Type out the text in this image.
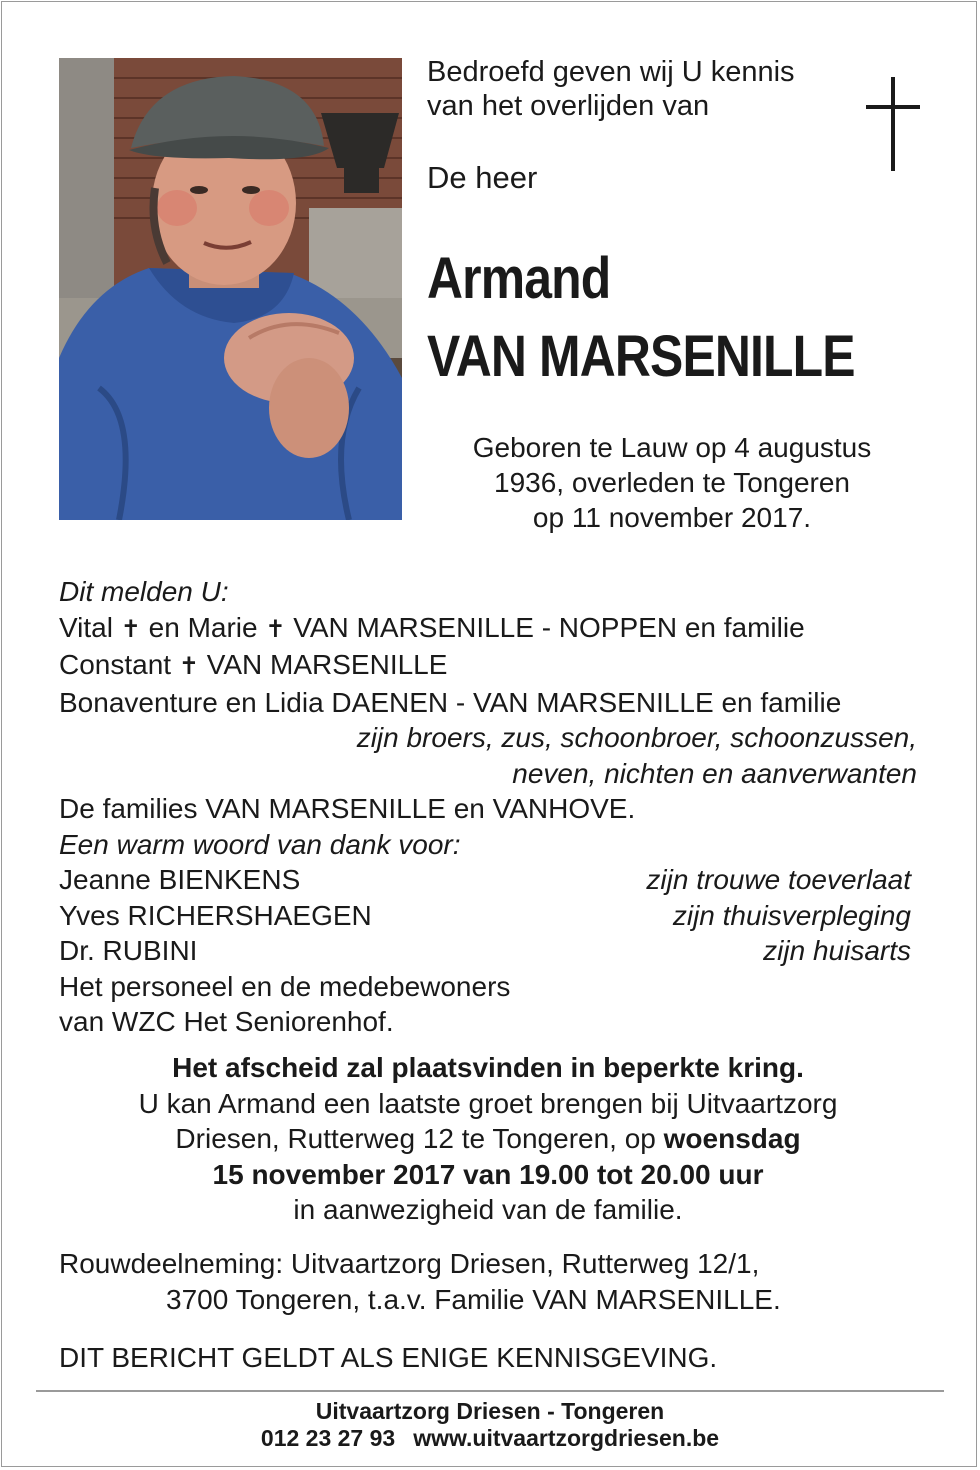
Bedroefd geven wij U kennis
van het overlijden van

De heer

Armand
VAN MARSENILLE

Geboren te Lauw op 4 augustus
1936, overleden te Tongeren
op 11 november 2017.

Dit melden U:
Vital ✝ en Marie ✝ VAN MARSENILLE - NOPPEN en familie
Constant ✝ VAN MARSENILLE
Bonaventure en Lidia DAENEN - VAN MARSENILLE en familie
zijn broers, zus, schoonbroer, schoonzussen,
neven, nichten en aanverwanten
De families VAN MARSENILLE en VANHOVE.
Een warm woord van dank voor:
Jeanne BIENKENS	zijn trouwe toeverlaat
Yves RICHERSHAEGEN	zijn thuisverpleging
Dr. RUBINI	zijn huisarts
Het personeel en de medebewoners
van WZC Het Seniorenhof.
Het afscheid zal plaatsvinden in beperkte kring.
U kan Armand een laatste groet brengen bij Uitvaartzorg
Driesen, Rutterweg 12 te Tongeren, op woensdag
15 november 2017 van 19.00 tot 20.00 uur
in aanwezigheid van de familie.
Rouwdeelneming: Uitvaartzorg Driesen, Rutterweg 12/1,
3700 Tongeren, t.a.v. Familie VAN MARSENILLE.

DIT BERICHT GELDT ALS ENIGE KENNISGEVING.

Uitvaartzorg Driesen - Tongeren
012 23 27 93 www.uitvaartzorgdriesen.be
